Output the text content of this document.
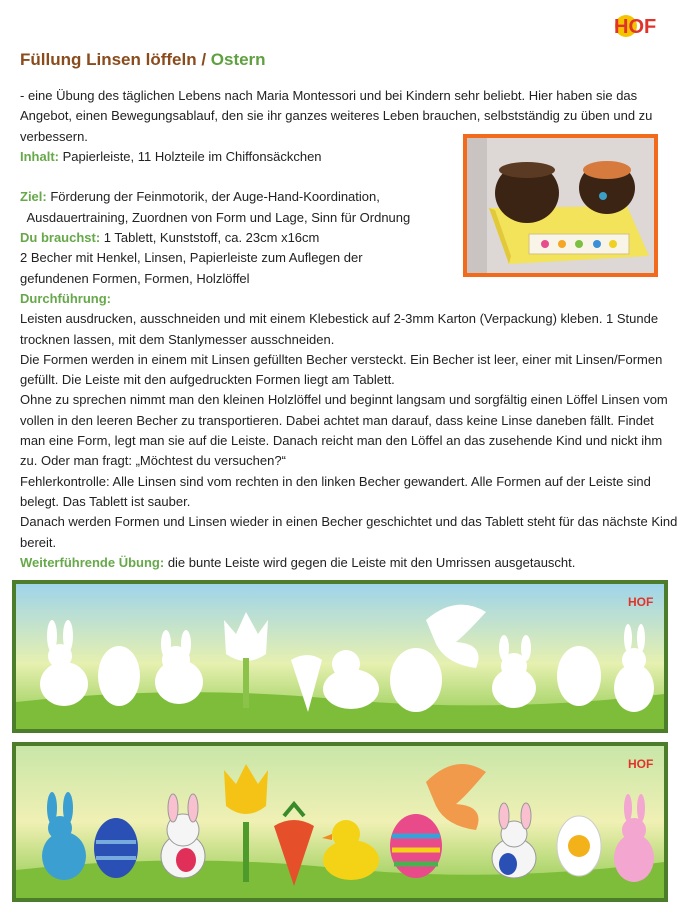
HOF
Füllung Linsen löffeln / Ostern

- eine Übung des täglichen Lebens nach Maria Montessori und bei Kindern sehr beliebt. Hier haben sie das Angebot, einen Bewegungsablauf, den sie ihr ganzes weiteres Leben brauchen, selbstständig zu üben und zu verbessern.

Inhalt: Papierleiste, 11 Holzteile im Chiffonsäckchen

Ziel: Förderung der Feinmotorik, der Auge-Hand-Koordination,

Ausdauertraining, Zuordnen von Form und Lage, Sinn für Ordnung

Du brauchst: 1 Tablett, Kunststoff, ca. 23cm x16cm

2 Becher mit Henkel, Linsen, Papierleiste zum Auflegen der

gefundenen Formen, Formen, Holzlöffel

Durchführung:

Leisten ausdrucken, ausschneiden und mit einem Klebestick auf 2-3mm Karton (Verpackung) kleben. 1 Stunde trocknen lassen, mit dem Stanlymesser ausschneiden.

Die Formen werden in einem mit Linsen gefüllten Becher versteckt. Ein Becher ist leer, einer mit Linsen/Formen gefüllt. Die Leiste mit den aufgedruckten Formen liegt am Tablett.

Ohne zu sprechen nimmt man den kleinen Holzlöffel und beginnt langsam und sorgfältig einen Löffel Linsen vom vollen in den leeren Becher zu transportieren. Dabei achtet man darauf, dass keine Linse daneben fällt. Findet man eine Form, legt man sie auf die Leiste. Danach reicht man den Löffel an das zusehende Kind und nickt ihm zu. Oder man fragt: „Möchtest du versuchen?“

Fehlerkontrolle: Alle Linsen sind vom rechten in den linken Becher gewandert. Alle Formen auf der Leiste sind belegt. Das Tablett ist sauber.

Danach werden Formen und Linsen wieder in einen Becher geschichtet und das Tablett steht für das nächste Kind bereit.

Weiterführende Übung: die bunte Leiste wird gegen die Leiste mit den Umrissen ausgetauscht.

HOF
HOF
